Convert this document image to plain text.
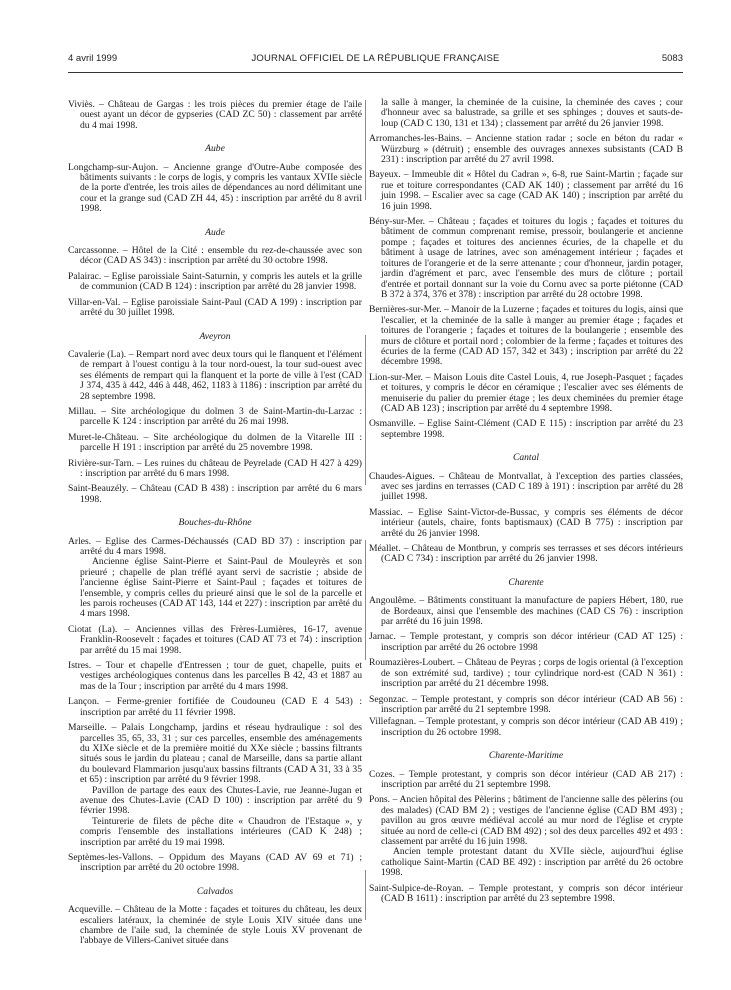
4 avril 1999	JOURNAL OFFICIEL DE LA RÉPUBLIQUE FRANÇAISE	5083

Viviès. – Château de Gargas : les trois pièces du premier étage de l'aile ouest ayant un décor de gypseries (CAD ZC 50) : classement par arrêté du 4 mai 1998.

Aube

Longchamp-sur-Aujon. – Ancienne grange d'Outre-Aube composée des bâtiments suivants : le corps de logis, y compris les vantaux XVIIe siècle de la porte d'entrée, les trois ailes de dépendances au nord délimitant une cour et la grange sud (CAD ZH 44, 45) : inscription par arrêté du 8 avril 1998.

Aude

Carcassonne. – Hôtel de la Cité : ensemble du rez-de-chaussée avec son décor (CAD AS 343) : inscription par arrêté du 30 octobre 1998.

Palairac. – Eglise paroissiale Saint-Saturnin, y compris les autels et la grille de communion (CAD B 124) : inscription par arrêté du 28 janvier 1998.

Villar-en-Val. – Eglise paroissiale Saint-Paul (CAD A 199) : inscription par arrêté du 30 juillet 1998.

Aveyron

Cavalerie (La). – Rempart nord avec deux tours qui le flanquent et l'élément de rempart à l'ouest contigu à la tour nord-ouest, la tour sud-ouest avec ses éléments de rempart qui la flanquent et la porte de ville à l'est (CAD J 374, 435 à 442, 446 à 448, 462, 1183 à 1186) : inscription par arrêté du 28 septembre 1998.

Millau. – Site archéologique du dolmen 3 de Saint-Martin-du-Larzac : parcelle K 124 : inscription par arrêté du 26 mai 1998.

Muret-le-Château. – Site archéologique du dolmen de la Vitarelle III : parcelle H 191 : inscription par arrêté du 25 novembre 1998.

Rivière-sur-Tarn. – Les ruines du château de Peyrelade (CAD H 427 à 429) : inscription par arrêté du 6 mars 1998.

Saint-Beauzély. – Château (CAD B 438) : inscription par arrêté du 6 mars 1998.

Bouches-du-Rhône

Arles. – Eglise des Carmes-Déchaussés (CAD BD 37) : inscription par arrêté du 4 mars 1998.

Ancienne église Saint-Pierre et Saint-Paul de Mouleyrès et son prieuré ; chapelle de plan tréflé ayant servi de sacristie ; abside de l'ancienne église Saint-Pierre et Saint-Paul ; façades et toitures de l'ensemble, y compris celles du prieuré ainsi que le sol de la parcelle et les parois rocheuses (CAD AT 143, 144 et 227) : inscription par arrêté du 4 mars 1998.

Ciotat (La). – Anciennes villas des Frères-Lumières, 16-17, avenue Franklin-Roosevelt : façades et toitures (CAD AT 73 et 74) : inscription par arrêté du 15 mai 1998.

Istres. – Tour et chapelle d'Entressen ; tour de guet, chapelle, puits et vestiges archéologiques contenus dans les parcelles B 42, 43 et 1887 au mas de la Tour ; inscription par arrêté du 4 mars 1998.

Lançon. – Ferme-grenier fortifiée de Coudouneu (CAD E 4 543) : inscription par arrêté du 11 février 1998.

Marseille. – Palais Longchamp, jardins et réseau hydraulique : sol des parcelles 35, 65, 33, 31 ; sur ces parcelles, ensemble des aménagements du XIXe siècle et de la première moitié du XXe siècle ; bassins filtrants situés sous le jardin du plateau ; canal de Marseille, dans sa partie allant du boulevard Flammarion jusqu'aux bassins filtrants (CAD A 31, 33 à 35 et 65) : inscription par arrêté du 9 février 1998.

Pavillon de partage des eaux des Chutes-Lavie, rue Jeanne-Jugan et avenue des Chutes-Lavie (CAD D 100) : inscription par arrêté du 9 février 1998.

Teinturerie de filets de pêche dite « Chaudron de l'Estaque », y compris l'ensemble des installations intérieures (CAD K 248) ; inscription par arrêté du 19 mai 1998.

Septèmes-les-Vallons. – Oppidum des Mayans (CAD AV 69 et 71) ; inscription par arrêté du 20 octobre 1998.

Calvados

Acqueville. – Château de la Motte : façades et toitures du château, les deux escaliers latéraux, la cheminée de style Louis XIV située dans une chambre de l'aile sud, la cheminée de style Louis XV provenant de l'abbaye de Villers-Canivet située dans

la salle à manger, la cheminée de la cuisine, la cheminée des caves ; cour d'honneur avec sa balustrade, sa grille et ses sphinges ; douves et sauts-de-loup (CAD C 130, 131 et 134) ; classement par arrêté du 26 janvier 1998.

Arromanches-les-Bains. – Ancienne station radar ; socle en béton du radar « Würzburg » (détruit) ; ensemble des ouvrages annexes subsistants (CAD B 231) : inscription par arrêté du 27 avril 1998.

Bayeux. – Immeuble dit « Hôtel du Cadran », 6-8, rue Saint-Martin ; façade sur rue et toiture correspondantes (CAD AK 140) ; classement par arrêté du 16 juin 1998. – Escalier avec sa cage (CAD AK 140) ; inscription par arrêté du 16 juin 1998.

Bény-sur-Mer. – Château ; façades et toitures du logis ; façades et toitures du bâtiment de commun comprenant remise, pressoir, boulangerie et ancienne pompe ; façades et toitures des anciennes écuries, de la chapelle et du bâtiment à usage de latrines, avec son aménagement intérieur ; façades et toitures de l'orangerie et de la serre attenante ; cour d'honneur, jardin potager, jardin d'agrément et parc, avec l'ensemble des murs de clôture ; portail d'entrée et portail donnant sur la voie du Cornu avec sa porte piétonne (CAD B 372 à 374, 376 et 378) : inscription par arrêté du 28 octobre 1998.

Bernières-sur-Mer. – Manoir de la Luzerne ; façades et toitures du logis, ainsi que l'escalier, et la cheminée de la salle à manger au premier étage ; façades et toitures de l'orangerie ; façades et toitures de la boulangerie ; ensemble des murs de clôture et portail nord ; colombier de la ferme ; façades et toitures des écuries de la ferme (CAD AD 157, 342 et 343) ; inscription par arrêté du 22 décembre 1998.

Lion-sur-Mer. – Maison Louis dite Castel Louis, 4, rue Joseph-Pasquet ; façades et toitures, y compris le décor en céramique ; l'escalier avec ses éléments de menuiserie du palier du premier étage ; les deux cheminées du premier étage (CAD AB 123) ; inscription par arrêté du 4 septembre 1998.

Osmanville. – Eglise Saint-Clément (CAD E 115) : inscription par arrêté du 23 septembre 1998.

Cantal

Chaudes-Aigues. – Château de Montvallat, à l'exception des parties classées, avec ses jardins en terrasses (CAD C 189 à 191) : inscription par arrêté du 28 juillet 1998.

Massiac. – Eglise Saint-Victor-de-Bussac, y compris ses éléments de décor intérieur (autels, chaire, fonts baptismaux) (CAD B 775) : inscription par arrêté du 26 janvier 1998.

Méallet. – Château de Montbrun, y compris ses terrasses et ses décors intérieurs (CAD C 734) : inscription par arrêté du 26 janvier 1998.

Charente

Angoulême. – Bâtiments constituant la manufacture de papiers Hébert, 180, rue de Bordeaux, ainsi que l'ensemble des machines (CAD CS 76) : inscription par arrêté du 16 juin 1998.

Jarnac. – Temple protestant, y compris son décor intérieur (CAD AT 125) : inscription par arrêté du 26 octobre 1998

Roumazières-Loubert. – Château de Peyras ; corps de logis oriental (à l'exception de son extrémité sud, tardive) ; tour cylindrique nord-est (CAD N 361) : inscription par arrêté du 21 décembre 1998.

Segonzac. – Temple protestant, y compris son décor intérieur (CAD AB 56) : inscription par arrêté du 21 septembre 1998.

Villefagnan. – Temple protestant, y compris son décor intérieur (CAD AB 419) ; inscription du 26 octobre 1998.

Charente-Maritime

Cozes. – Temple protestant, y compris son décor intérieur (CAD AB 217) : inscription par arrêté du 21 septembre 1998.

Pons. – Ancien hôpital des Pèlerins ; bâtiment de l'ancienne salle des pèlerins (ou des malades) (CAD BM 2) ; vestiges de l'ancienne église (CAD BM 493) ; pavillon au gros œuvre médiéval accolé au mur nord de l'église et crypte située au nord de celle-ci (CAD BM 492) ; sol des deux parcelles 492 et 493 : classement par arrêté du 16 juin 1998.

Ancien temple protestant datant du XVIIe siècle, aujourd'hui église catholique Saint-Martin (CAD BE 492) : inscription par arrêté du 26 octobre 1998.

Saint-Sulpice-de-Royan. – Temple protestant, y compris son décor intérieur (CAD B 1611) : inscription par arrêté du 23 septembre 1998.
